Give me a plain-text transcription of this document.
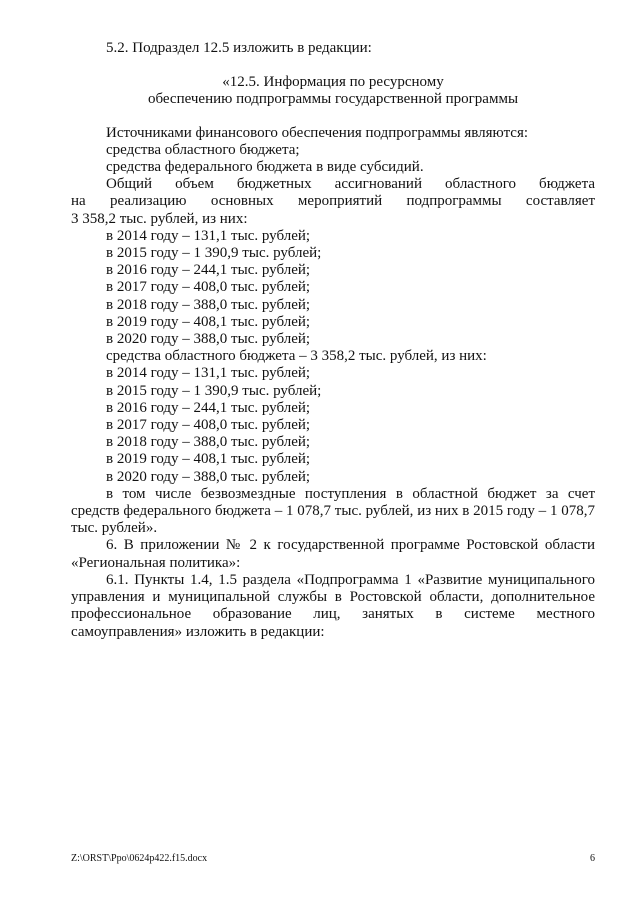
5.2. Подраздел 12.5 изложить в редакции:

«12.5. Информация по ресурсному

обеспечению подпрограммы государственной программы

Источниками финансового обеспечения подпрограммы являются:

средства областного бюджета;

средства федерального бюджета в виде субсидий.

Общий объем бюджетных ассигнований областного бюджета

на реализацию основных мероприятий подпрограммы составляет

3 358,2 тыс. рублей, из них:

в 2014 году – 131,1 тыс. рублей;

в 2015 году – 1 390,9 тыс. рублей;

в 2016 году – 244,1 тыс. рублей;

в 2017 году – 408,0 тыс. рублей;

в 2018 году – 388,0 тыс. рублей;

в 2019 году – 408,1 тыс. рублей;

в 2020 году – 388,0 тыс. рублей;

средства областного бюджета – 3 358,2 тыс. рублей, из них:

в 2014 году – 131,1 тыс. рублей;

в 2015 году – 1 390,9 тыс. рублей;

в 2016 году – 244,1 тыс. рублей;

в 2017 году – 408,0 тыс. рублей;

в 2018 году – 388,0 тыс. рублей;

в 2019 году – 408,1 тыс. рублей;

в 2020 году – 388,0 тыс. рублей;

в том числе безвозмездные поступления в областной бюджет за счет средств федерального бюджета – 1 078,7 тыс. рублей, из них в 2015 году – 1 078,7 тыс. рублей».

6. В приложении № 2 к государственной программе Ростовской области «Региональная политика»:

6.1. Пункты 1.4, 1.5 раздела «Подпрограмма 1 «Развитие муниципального управления и муниципальной службы в Ростовской области, дополнительное профессиональное образование лиц, занятых в системе местного самоуправления» изложить в редакции:

Z:\ORST\Ppo\0624p422.f15.docx	6
